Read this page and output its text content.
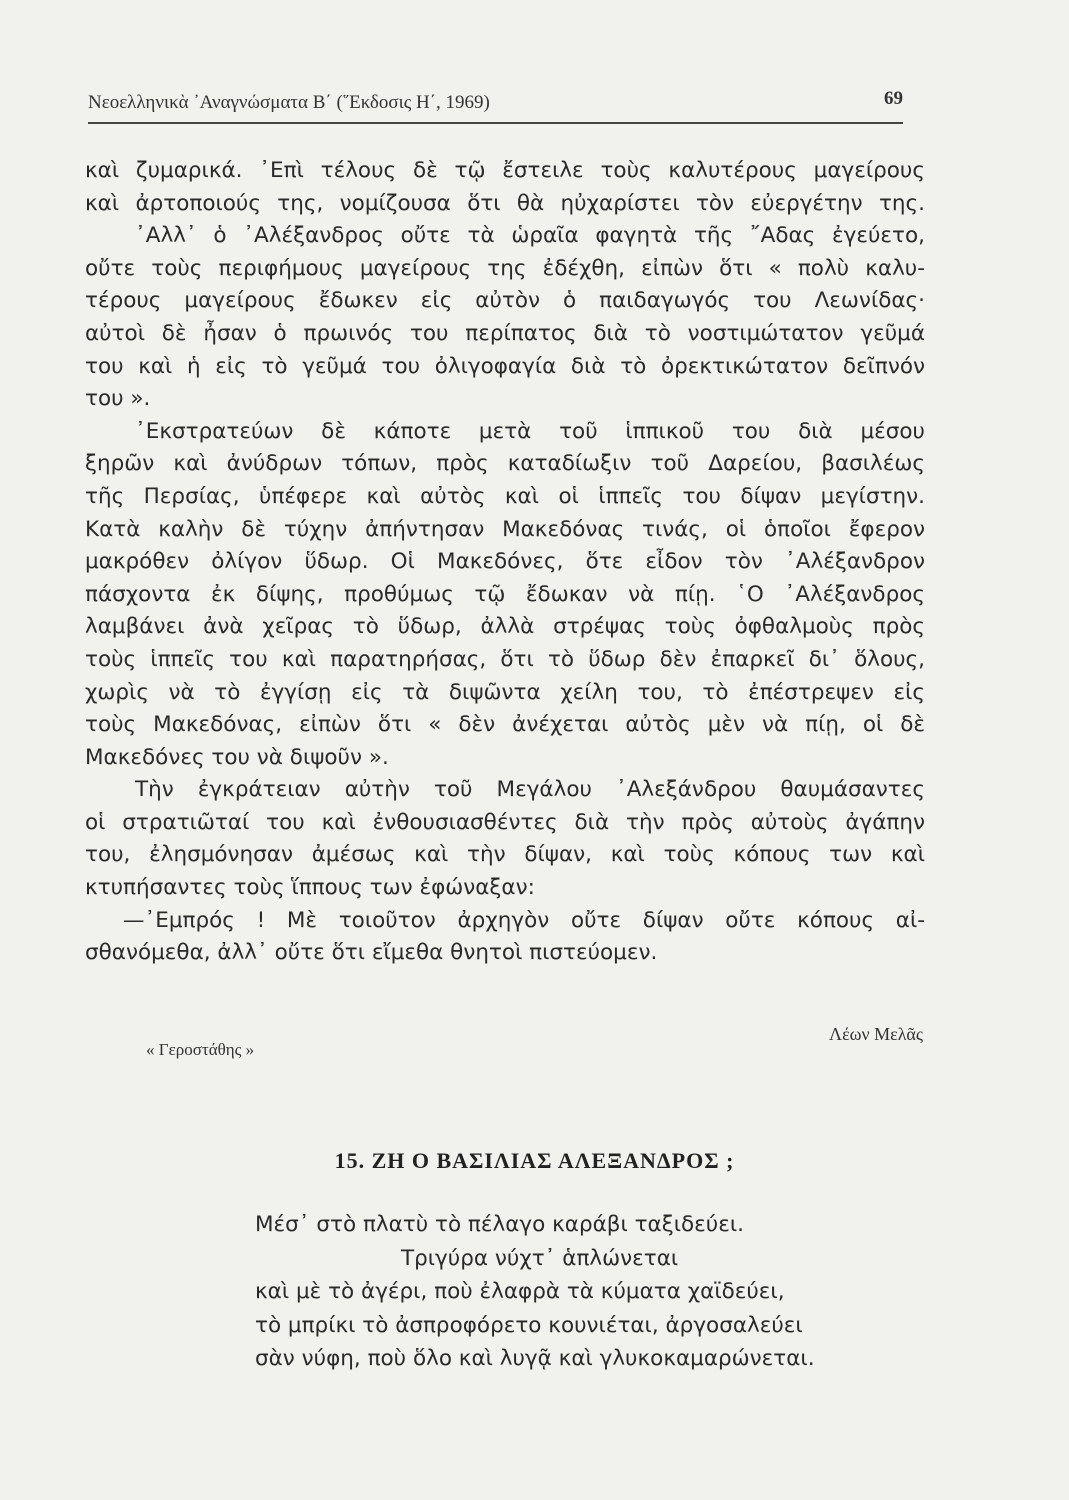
Νεοελληνικὰ ᾿Αναγνώσματα Β΄ (῞Εκδοσις Η΄, 1969)	69
καὶ ζυμαρικά. ᾿Επὶ τέλους δὲ τῷ ἔστειλε τοὺς καλυτέρους μαγείρους
καὶ ἀρτοποιούς της, νομίζουσα ὅτι θὰ ηὐχαρίστει τὸν εὐεργέτην της.
᾿Αλλ᾿ ὁ ᾿Αλέξανδρος οὔτε τὰ ὡραῖα φαγητὰ τῆς ῎Αδας ἐγεύετο,
οὔτε τοὺς περιφήμους μαγείρους της ἐδέχθη, εἰπὼν ὅτι « πολὺ καλυ-
τέρους μαγείρους ἔδωκεν εἰς αὐτὸν ὁ παιδαγωγός του Λεωνίδας·
αὐτοὶ δὲ ἦσαν ὁ πρωινός του περίπατος διὰ τὸ νοστιμώτατον γεῦμά
του καὶ ἡ εἰς τὸ γεῦμά του ὀλιγοφαγία διὰ τὸ ὀρεκτικώτατον δεῖπνόν
του ».
᾿Εκστρατεύων δὲ κάποτε μετὰ τοῦ ἱππικοῦ του διὰ μέσου
ξηρῶν καὶ ἀνύδρων τόπων, πρὸς καταδίωξιν τοῦ Δαρείου, βασιλέως
τῆς Περσίας, ὑπέφερε καὶ αὐτὸς καὶ οἱ ἱππεῖς του δίψαν μεγίστην.
Κατὰ καλὴν δὲ τύχην ἀπήντησαν Μακεδόνας τινάς, οἱ ὁποῖοι ἔφερον
μακρόθεν ὀλίγον ὕδωρ. Οἱ Μακεδόνες, ὅτε εἶδον τὸν ᾿Αλέξανδρον
πάσχοντα ἐκ δίψης, προθύμως τῷ ἔδωκαν νὰ πίῃ. ῾Ο ᾿Αλέξανδρος
λαμβάνει ἀνὰ χεῖρας τὸ ὕδωρ, ἀλλὰ στρέψας τοὺς ὀφθαλμοὺς πρὸς
τοὺς ἱππεῖς του καὶ παρατηρήσας, ὅτι τὸ ὕδωρ δὲν ἐπαρκεῖ δι᾿ ὅλους,
χωρὶς νὰ τὸ ἐγγίσῃ εἰς τὰ διψῶντα χείλη του, τὸ ἐπέστρεψεν εἰς
τοὺς Μακεδόνας, εἰπὼν ὅτι « δὲν ἀνέχεται αὐτὸς μὲν νὰ πίῃ, οἱ δὲ
Μακεδόνες του νὰ διψοῦν ».
Τὴν ἐγκράτειαν αὐτὴν τοῦ Μεγάλου ᾿Αλεξάνδρου θαυμάσαντες
οἱ στρατιῶταί του καὶ ἐνθουσιασθέντες διὰ τὴν πρὸς αὐτοὺς ἀγάπην
του, ἐλησμόνησαν ἀμέσως καὶ τὴν δίψαν, καὶ τοὺς κόπους των καὶ
κτυπήσαντες τοὺς ἵππους των ἐφώναξαν:
—᾿Εμπρός ! Μὲ τοιοῦτον ἀρχηγὸν οὔτε δίψαν οὔτε κόπους αἰ-
σθανόμεθα, ἀλλ᾿ οὔτε ὅτι εἴμεθα θνητοὶ πιστεύομεν.
Λέων Μελᾶς
« Γεροστάθης »
15. ΖΗ Ο ΒΑΣΙΛΙΑΣ ΑΛΕΞΑΝΔΡΟΣ ;
Μέσ᾿ στὸ πλατὺ τὸ πέλαγο καράβι ταξιδεύει.
Τριγύρα νύχτ᾿ ἁπλώνεται
καὶ μὲ τὸ ἀγέρι, ποὺ ἐλαφρὰ τὰ κύματα χαϊδεύει,
τὸ μπρίκι τὸ ἀσπροφόρετο κουνιέται, ἀργοσαλεύει
σὰν νύφη, ποὺ ὅλο καὶ λυγᾷ καὶ γλυκοκαμαρώνεται.
